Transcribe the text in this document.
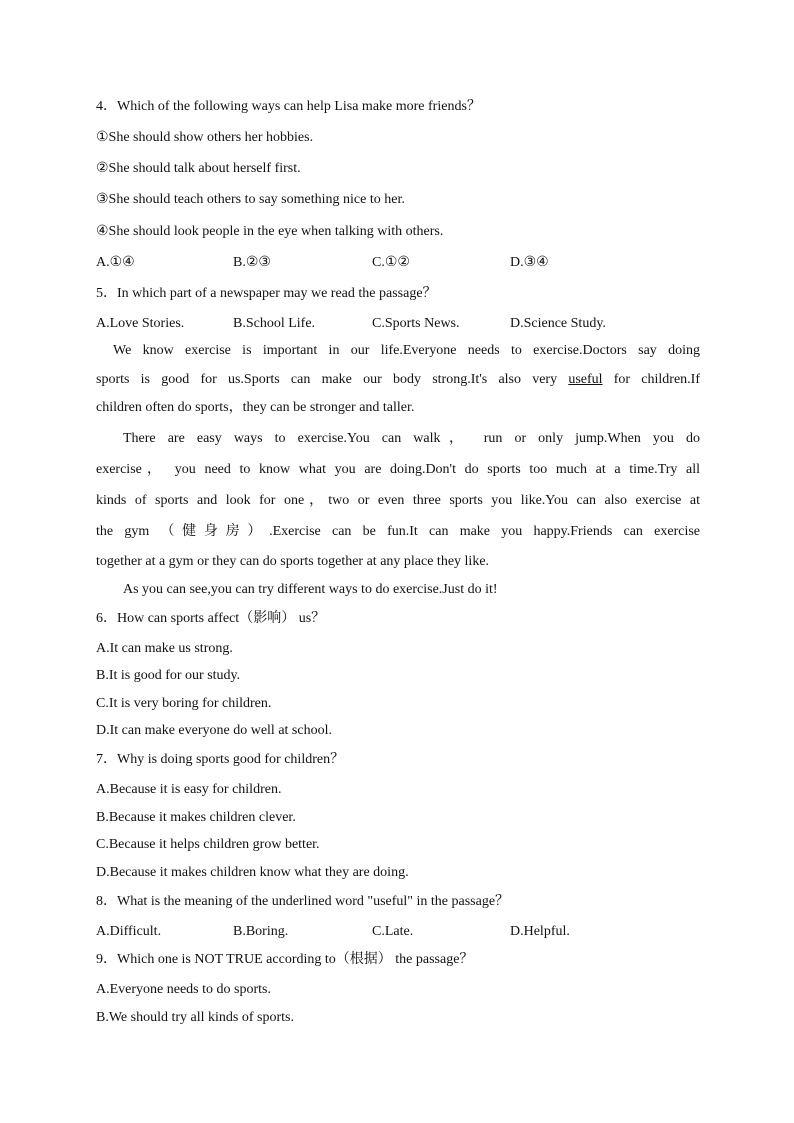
4．Which of the following ways can help Lisa make more friends？
①She should show others her hobbies.
②She should talk about herself first.
③She should teach others to say something nice to her.
④She should look people in the eye when talking with others.
A.①④	B.②③	C.①②	D.③④
5．In which part of a newspaper may we read the passage？
A.Love Stories.	B.School Life.	C.Sports News.	D.Science Study.
We know exercise is important in our life.Everyone needs to exercise.Doctors say doing
sports is good for us.Sports can make our body strong.It's also very useful for children.If
children often do sports，they can be stronger and taller.
There are easy ways to exercise.You can walk， run or only jump.When you do
exercise， you need to know what you are doing.Don't do sports too much at a time.Try all
kinds of sports and look for one，two or even three sports you like.You can also exercise at
the gym （健身房）.Exercise can be fun.It can make you happy.Friends can exercise
together at a gym or they can do sports together at any place they like.
As you can see,you can try different ways to do exercise.Just do it!
6．How can sports affect（影响） us？
A.It can make us strong.
B.It is good for our study.
C.It is very boring for children.
D.It can make everyone do well at school.
7．Why is doing sports good for children？
A.Because it is easy for children.
B.Because it makes children clever.
C.Because it helps children grow better.
D.Because it makes children know what they are doing.
8．What is the meaning of the underlined word "useful" in the passage？
A.Difficult.	B.Boring.	C.Late.	D.Helpful.
9．Which one is NOT TRUE according to（根据） the passage？
A.Everyone needs to do sports.
B.We should try all kinds of sports.
